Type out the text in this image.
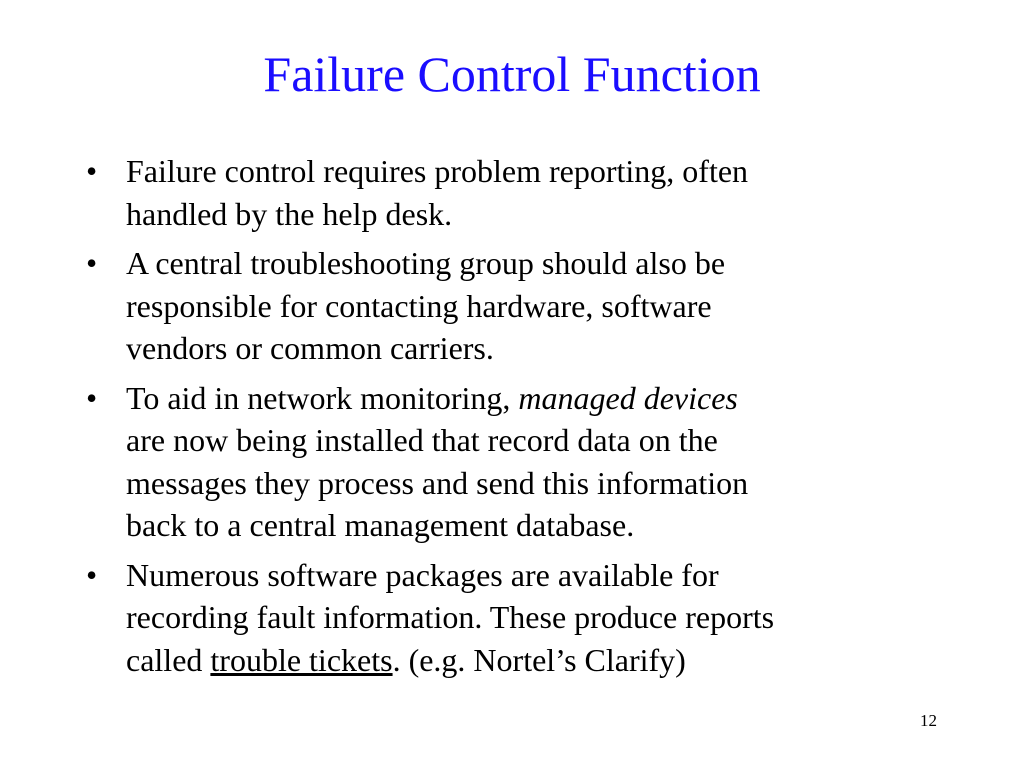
Failure Control Function
• Failure control requires problem reporting, often
handled by the help desk.
• A central troubleshooting group should also be
responsible for contacting hardware, software
vendors or common carriers.
• To aid in network monitoring, managed devices
are now being installed that record data on the
messages they process and send this information
back to a central management database.
• Numerous software packages are available for
recording fault information. These produce reports
called trouble tickets. (e.g. Nortel’s Clarify)
12
